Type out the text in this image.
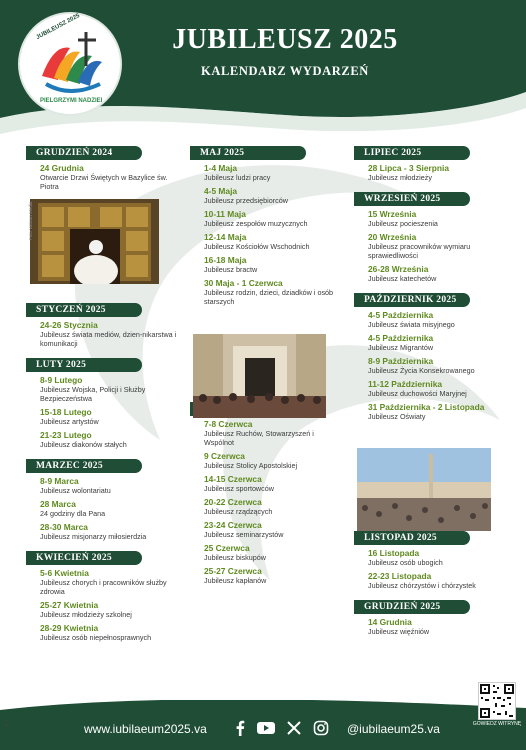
JUBILEUSZ 2025
PIELGRZYMI NADZIEI
JUBILEUSZ 2025
KALENDARZ WYDARZEŃ
GRUDZIEŃ 2024
24 Grudnia
Otwarcie Drzwi Świętych w Bazylice św. Piotra
STYCZEŃ 2025
24-26 Stycznia
Jubileusz świata mediów, dzien-nikarstwa i komunikacji
LUTY 2025
8-9 Lutego
Jubileusz Wojska, Policji i Służby Bezpieczeństwa
15-18 Lutego
Jubileusz artystów
21-23 Lutego
Jubileusz diakonów stałych
MARZEC 2025
8-9 Marca
Jubileusz wolontariatu
28 Marca
24 godziny dla Pana
28-30 Marca
Jubileusz misjonarzy miłosierdzia
KWIECIEŃ 2025
5-6 Kwietnia
Jubileusz chorych i pracowników służby zdrowia
25-27 Kwietnia
Jubileusz młodzieży szkolnej
28-29 Kwietnia
Jubileusz osób niepełnosprawnych
Foto Vatican Media
MAJ 2025
1-4 Maja
Jubileusz ludzi pracy
4-5 Maja
Jubileusz przedsiębiorców
10-11 Maja
Jubileusz zespołów muzycznych
12-14 Maja
Jubileusz Kościołów Wschodnich
16-18 Maja
Jubileusz bractw
30 Maja - 1 Czerwca
Jubileusz rodzin, dzieci, dziadków i osób starszych
7-8 Czerwca
Jubileusz Ruchów, Stowarzyszeń i Wspólnot
9 Czerwca
Jubileusz Stolicy Apostolskiej
14-15 Czerwca
Jubileusz sportowców
20-22 Czerwca
Jubileusz rządzących
23-24 Czerwca
Jubileusz seminarzystów
25 Czerwca
Jubileusz biskupów
25-27 Czerwca
Jubileusz kapłanów
LIPIEC 2025
28 Lipca - 3 Sierpnia
Jubileusz młodzieży
WRZESIEŃ 2025
15 Września
Jubileusz pocieszenia
20 Września
Jubileusz pracowników wymiaru sprawiedliwości
26-28 Września
Jubileusz katechetów
PAŹDZIERNIK 2025
4-5 Października
Jubileusz świata misyjnego
4-5 Października
Jubileusz Migrantów
8-9 Października
Jubileusz Życia Konsekrowanego
11-12 Października
Jubileusz duchowości Maryjnej
31 Października - 2 Listopada
Jubileusz Oświaty
LISTOPAD 2025
16 Listopada
Jubileusz osób ubogich
22-23 Listopada
Jubileusz chórzystów i chórzystek
GRUDZIEŃ 2025
14 Grudnia
Jubileusz więźniów
www.iubilaeum2025.va	@iubilaeum25.va	GOWIEDZ WITRYNĘ
B2B
